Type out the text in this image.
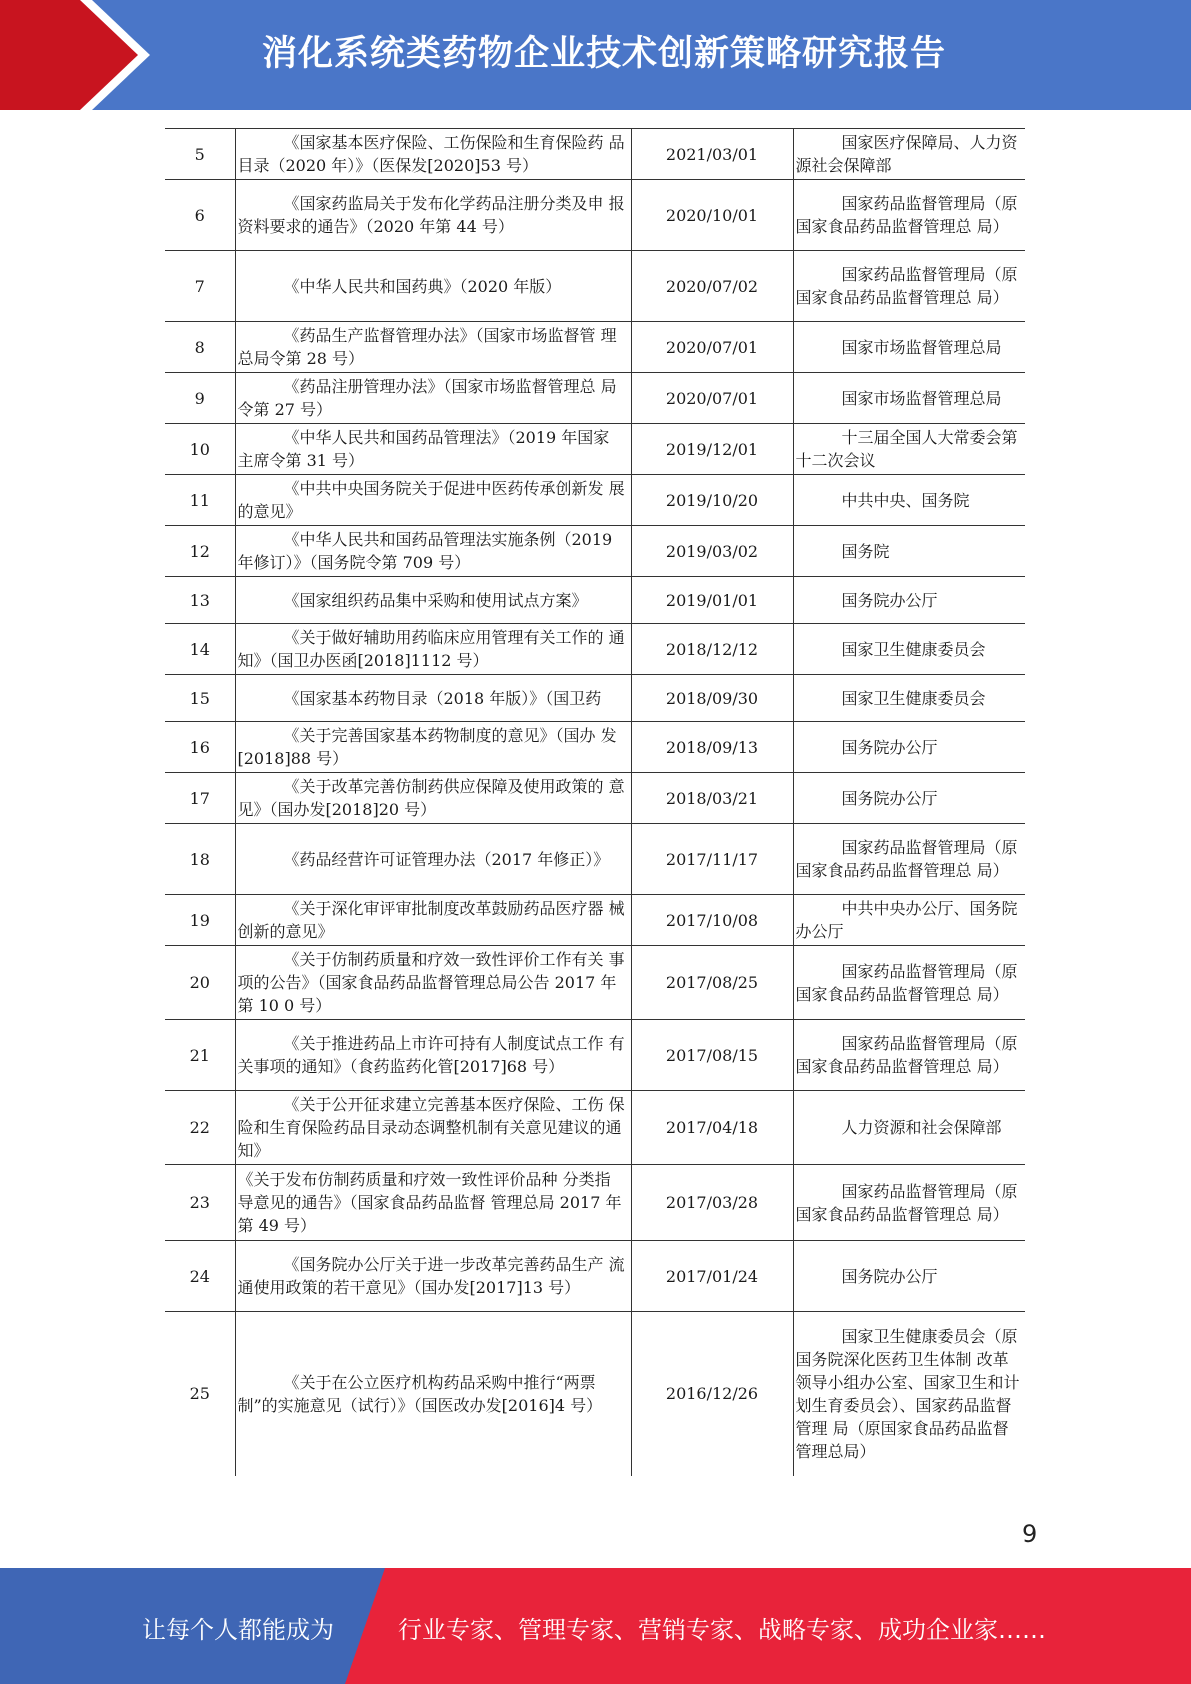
消化系统类药物企业技术创新策略研究报告
5	《国家基本医疗保险、工伤保险和生育保险药 品目录（2020 年）》（医保发[2020]53 号）	2021/03/01	国家医疗保障局、人力资 源社会保障部

6	《国家药监局关于发布化学药品注册分类及申 报资料要求的通告》（2020 年第 44 号）	2020/10/01	国家药品监督管理局（原 国家食品药品监督管理总 局）

7	《中华人民共和国药典》（2020 年版）	2020/07/02	国家药品监督管理局（原 国家食品药品监督管理总 局）

8	《药品生产监督管理办法》（国家市场监督管 理总局令第 28 号）	2020/07/01	国家市场监督管理总局

9	《药品注册管理办法》（国家市场监督管理总 局令第 27 号）	2020/07/01	国家市场监督管理总局

10	《中华人民共和国药品管理法》（2019 年国家 主席令第 31 号）	2019/12/01	十三届全国人大常委会第 十二次会议

11	《中共中央国务院关于促进中医药传承创新发 展的意见》	2019/10/20	中共中央、国务院

12	《中华人民共和国药品管理法实施条例（2019 年修订）》（国务院令第 709 号）	2019/03/02	国务院

13	《国家组织药品集中采购和使用试点方案》	2019/01/01	国务院办公厅

14	《关于做好辅助用药临床应用管理有关工作的 通知》（国卫办医函[2018]1112 号）	2018/12/12	国家卫生健康委员会

15	《国家基本药物目录（2018 年版）》（国卫药	2018/09/30	国家卫生健康委员会

16	《关于完善国家基本药物制度的意见》（国办 发[2018]88 号）	2018/09/13	国务院办公厅

17	《关于改革完善仿制药供应保障及使用政策的 意见》（国办发[2018]20 号）	2018/03/21	国务院办公厅

18	《药品经营许可证管理办法（2017 年修正）》	2017/11/17	国家药品监督管理局（原 国家食品药品监督管理总 局）

19	《关于深化审评审批制度改革鼓励药品医疗器 械创新的意见》	2017/10/08	中共中央办公厅、国务院 办公厅

20	《关于仿制药质量和疗效一致性评价工作有关 事项的公告》（国家食品药品监督管理总局公告 2017 年第 10 0 号）	2017/08/25	国家药品监督管理局（原 国家食品药品监督管理总 局）

21	《关于推进药品上市许可持有人制度试点工作 有关事项的通知》（食药监药化管[2017]68 号）	2017/08/15	国家药品监督管理局（原 国家食品药品监督管理总 局）

22	《关于公开征求建立完善基本医疗保险、工伤 保险和生育保险药品目录动态调整机制有关意见建议的通知》	2017/04/18	人力资源和社会保障部

23	《关于发布仿制药质量和疗效一致性评价品种 分类指导意见的通告》（国家食品药品监督 管理总局 2017 年第 49 号）	2017/03/28	国家药品监督管理局（原 国家食品药品监督管理总 局）

24	《国务院办公厅关于进一步改革完善药品生产 流通使用政策的若干意见》（国办发[2017]13 号）	2017/01/24	国务院办公厅

25	《关于在公立医疗机构药品采购中推行“两票 制”的实施意见（试行）》（国医改办发[2016]4 号）	2016/12/26	国家卫生健康委员会（原 国务院深化医药卫生体制 改革领导小组办公室、国家卫生和计划生育委员会）、国家药品监督管理 局（原国家食品药品监督 管理总局）
9
让每个人都能成为	行业专家、管理专家、营销专家、战略专家、成功企业家……
